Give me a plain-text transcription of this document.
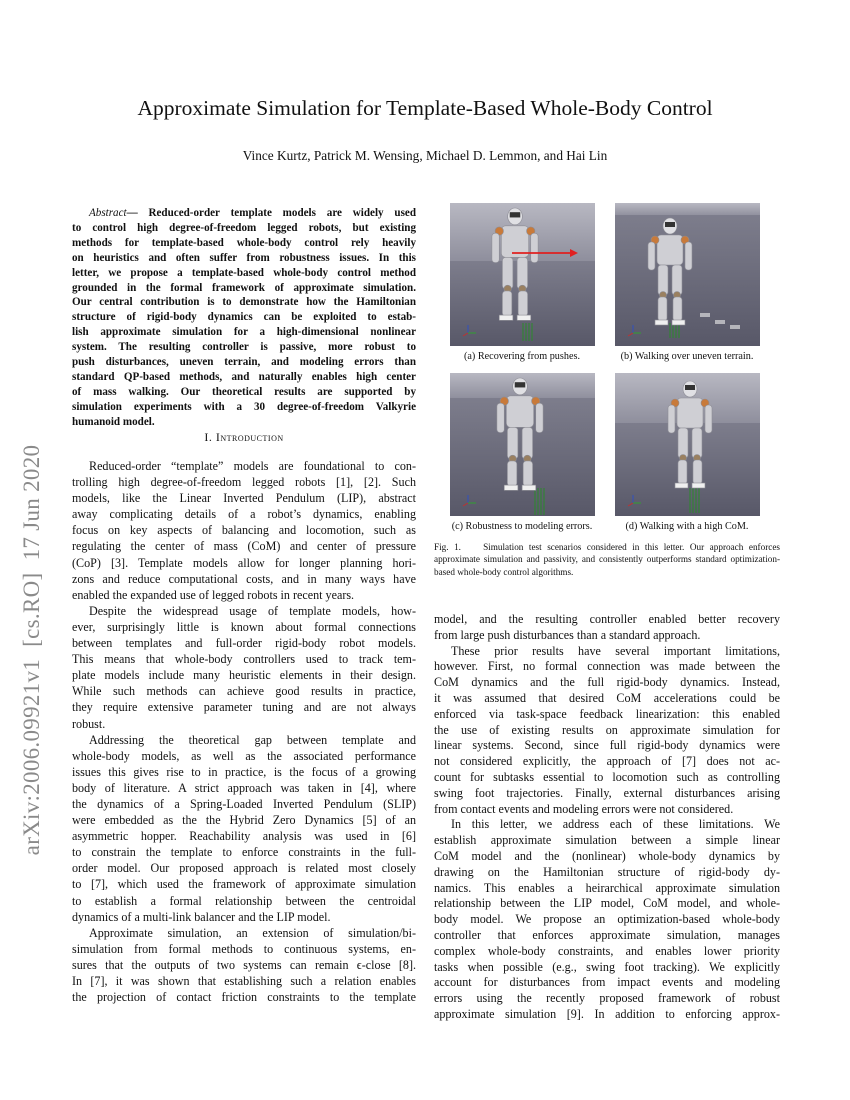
Approximate Simulation for Template-Based Whole-Body Control
Vince Kurtz, Patrick M. Wensing, Michael D. Lemmon, and Hai Lin
arXiv:2006.09921v1  [cs.RO]  17 Jun 2020
Abstract— Reduced-order template models are widely used
to control high degree-of-freedom legged robots, but existing
methods for template-based whole-body control rely heavily
on heuristics and often suffer from robustness issues. In this
letter, we propose a template-based whole-body control method
grounded in the formal framework of approximate simulation.
Our central contribution is to demonstrate how the Hamiltonian
structure of rigid-body dynamics can be exploited to estab-
lish approximate simulation for a high-dimensional nonlinear
system. The resulting controller is passive, more robust to
push disturbances, uneven terrain, and modeling errors than
standard QP-based methods, and naturally enables high center
of mass walking. Our theoretical results are supported by
simulation experiments with a 30 degree-of-freedom Valkyrie
humanoid model.
I. Introduction
Reduced-order “template” models are foundational to con-
trolling high degree-of-freedom legged robots [1], [2]. Such
models, like the Linear Inverted Pendulum (LIP), abstract
away complicating details of a robot’s dynamics, enabling
focus on key aspects of balancing and locomotion, such as
regulating the center of mass (CoM) and center of pressure
(CoP) [3]. Template models allow for longer planning hori-
zons and reduce computational costs, and in many ways have
enabled the expanded use of legged robots in recent years.
Despite the widespread usage of template models, how-
ever, surprisingly little is known about formal connections
between templates and full-order rigid-body robot models.
This means that whole-body controllers used to track tem-
plate models include many heuristic elements in their design.
While such methods can achieve good results in practice,
they require extensive parameter tuning and are not always
robust.
Addressing the theoretical gap between template and
whole-body models, as well as the associated performance
issues this gives rise to in practice, is the focus of a growing
body of literature. A strict approach was taken in [4], where
the dynamics of a Spring-Loaded Inverted Pendulum (SLIP)
were embedded as the the Hybrid Zero Dynamics [5] of an
asymmetric hopper. Reachability analysis was used in [6]
to constrain the template to enforce constraints in the full-
order model. Our proposed approach is related most closely
to [7], which used the framework of approximate simulation
to establish a formal relationship between the centroidal
dynamics of a multi-link balancer and the LIP model.
Approximate simulation, an extension of simulation/bi-
simulation from formal methods to continuous systems, en-
sures that the outputs of two systems can remain ϵ-close [8].
In [7], it was shown that establishing such a relation enables
the projection of contact friction constraints to the template
model, and the resulting controller enabled better recovery
from large push disturbances than a standard approach.
These prior results have several important limitations,
however. First, no formal connection was made between the
CoM dynamics and the full rigid-body dynamics. Instead,
it was assumed that desired CoM accelerations could be
enforced via task-space feedback linearization: this enabled
the use of existing results on approximate simulation for
linear systems. Second, since full rigid-body dynamics were
not considered explicitly, the approach of [7] does not ac-
count for subtasks essential to locomotion such as controlling
swing foot trajectories. Finally, external disturbances arising
from contact events and modeling errors were not considered.
In this letter, we address each of these limitations. We
establish approximate simulation between a simple linear
CoM model and the (nonlinear) whole-body dynamics by
drawing on the Hamiltonian structure of rigid-body dy-
namics. This enables a heirarchical approximate simulation
relationship between the LIP model, CoM model, and whole-
body model. We propose an optimization-based whole-body
controller that enforces approximate simulation, manages
complex whole-body constraints, and enables lower priority
tasks when possible (e.g., swing foot tracking). We explicitly
account for disturbances from impact events and modeling
errors using the recently proposed framework of robust
approximate simulation [9]. In addition to enforcing approx-
(a) Recovering from pushes.	(b) Walking over uneven terrain.
(c) Robustness to modeling errors.	(d) Walking with a high CoM.
Fig. 1. Simulation test scenarios considered in this letter. Our approach enforces approximate simulation and passivity, and consistently outperforms standard optimization-based whole-body control algorithms.
